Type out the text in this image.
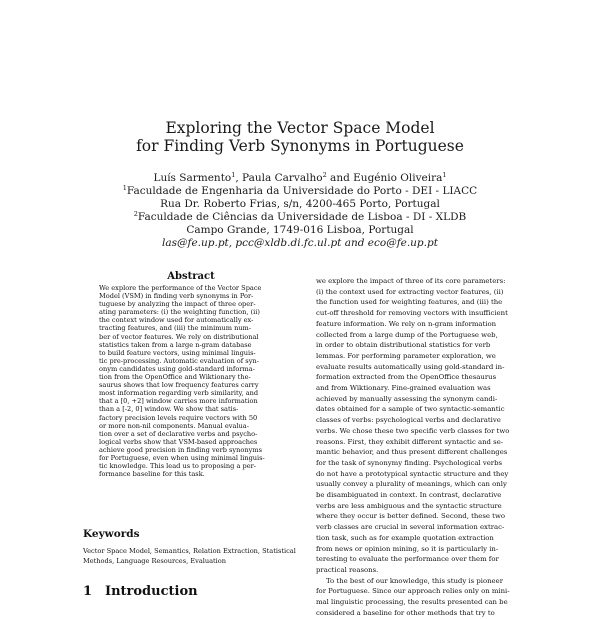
Exploring the Vector Space Model
for Finding Verb Synonyms in Portuguese
Luís Sarmento$^1$, Paula Carvalho$^2$ and Eugénio Oliveira$^1$
$^1$Faculdade de Engenharia da Universidade do Porto - DEI - LIACC
Rua Dr. Roberto Frias, s/n, 4200-465 Porto, Portugal
$^2$Faculdade de Ciências da Universidade de Lisboa - DI - XLDB
Campo Grande, 1749-016 Lisboa, Portugal
las@fe.up.pt, pcc@xldb.di.fc.ul.pt and eco@fe.up.pt
Abstract
We explore the performance of the Vector Space
Model (VSM) in finding verb synonyms in Por-
tuguese by analyzing the impact of three oper-
ating parameters: (i) the weighting function, (ii)
the context window used for automatically ex-
tracting features, and (iii) the minimum num-
ber of vector features. We rely on distributional
statistics taken from a large n-gram database
to build feature vectors, using minimal linguis-
tic pre-processing. Automatic evaluation of syn-
onym candidates using gold-standard informa-
tion from the OpenOffice and Wiktionary the-
saurus shows that low frequency features carry
most information regarding verb similarity, and
that a [0, +2] window carries more information
than a [-2, 0] window. We show that satis-
factory precision levels require vectors with 50
or more non-nil components. Manual evalua-
tion over a set of declarative verbs and psycho-
logical verbs show that VSM-based approaches
achieve good precision in finding verb synonyms
for Portuguese, even when using minimal linguis-
tic knowledge. This lead us to proposing a per-
formance baseline for this task.
Keywords
Vector Space Model, Semantics, Relation Extraction, Statistical
Methods, Language Resources, Evaluation
1 Introduction
we explore the impact of three of its core parameters:
(i) the context used for extracting vector features, (ii)
the function used for weighting features, and (iii) the
cut-off threshold for removing vectors with insufficient
feature information. We rely on n-gram information
collected from a large dump of the Portuguese web,
in order to obtain distributional statistics for verb
lemmas. For performing parameter exploration, we
evaluate results automatically using gold-standard in-
formation extracted from the OpenOffice thesaurus
and from Wiktionary. Fine-grained evaluation was
achieved by manually assessing the synonym candi-
dates obtained for a sample of two syntactic-semantic
classes of verbs: psychological verbs and declarative
verbs. We chose these two specific verb classes for two
reasons. First, they exhibit different syntactic and se-
mantic behavior, and thus present different challenges
for the task of synonymy finding. Psychological verbs
do not have a prototypical syntactic structure and they
usually convey a plurality of meanings, which can only
be disambiguated in context. In contrast, declarative
verbs are less ambiguous and the syntactic structure
where they occur is better defined. Second, these two
verb classes are crucial in several information extrac-
tion task, such as for example quotation extraction
from news or opinion mining, so it is particularly in-
teresting to evaluate the performance over them for
practical reasons.
To the best of our knowledge, this study is pioneer
for Portuguese. Since our approach relies only on mini-
mal linguistic processing, the results presented can be
considered a baseline for other methods that try to
